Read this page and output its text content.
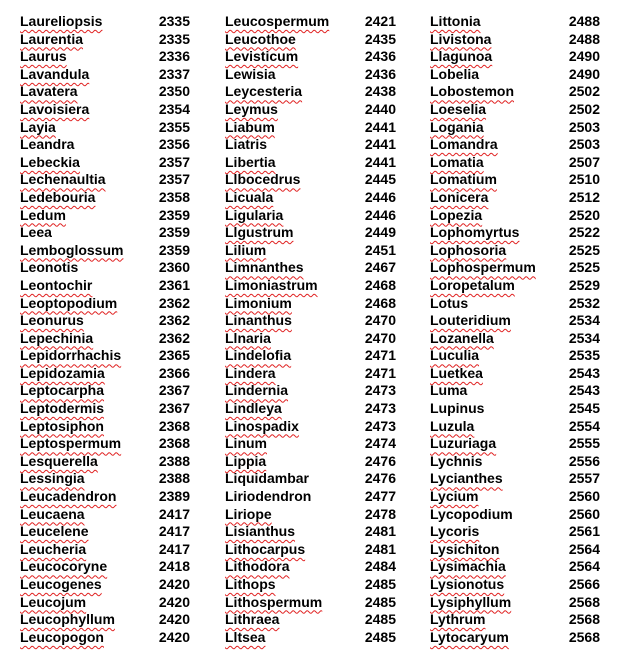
Laureliopsis	2335
Laurentia	2335
Laurus	2336
Lavandula	2337
Lavatera	2350
Lavoisiera	2354
Layia	2355
Leandra	2356
Lebeckia	2357
Lechenaultia	2357
Ledebouria	2358
Ledum	2359
Leea	2359
Lemboglossum	2359
Leonotis	2360
Leontochir	2361
Leoptopodium	2362
Leonurus	2362
Lepechinia	2362
Lepidorrhachis	2365
Lepidozamia	2366
Leptocarpha	2367
Leptodermis	2367
Leptosiphon	2368
Leptospermum	2368
Lesquerella	2388
Lessingia	2388
Leucadendron	2389
Leucaena	2417
Leucelene	2417
Leucheria	2417
Leucocoryne	2418
Leucogenes	2420
Leucojum	2420
Leucophyllum	2420
Leucopogon	2420
Leucospermum	2421
Leucothoe	2435
Levisticum	2436
Lewisia	2436
Leycesteria	2438
Leymus	2440
Liabum	2441
Liatris	2441
Libertia	2441
Llbocedrus	2445
Licuala	2446
Ligularia	2446
Llgustrum	2449
Lilium	2451
Limnanthes	2467
Limoniastrum	2468
Limonium	2468
Linanthus	2470
Llnaria	2470
Lindelofia	2471
Lindera	2471
Lindernia	2473
Lindleya	2473
Linospadix	2473
Linum	2474
Lippia	2476
Liquidambar	2476
Liriodendron	2477
Liriope	2478
Lisianthus	2481
Lithocarpus	2481
Lithodora	2484
Lithops	2485
Lithospermum	2485
Lithraea	2485
Lltsea	2485
Littonia	2488
Livistona	2488
Llagunoa	2490
Lobelia	2490
Lobostemon	2502
Loeselia	2502
Logania	2503
Lomandra	2503
Lomatia	2507
Lomatium	2510
Lonicera	2512
Lopezia	2520
Lophomyrtus	2522
Lophosoria	2525
Lophospermum 2525
Loropetalum	2529
Lotus	2532
Louteridium	2534
Lozanella	2534
Luculia	2535
Luetkea	2543
Luma	2543
Lupinus	2545
Luzula	2554
Luzuriaga	2555
Lychnis	2556
Lycianthes	2557
Lycium	2560
Lycopodium	2560
Lycoris	2561
Lysichiton	2564
Lysimachia	2564
Lysionotus	2566
Lysiphyllum	2568
Lythrum	2568
Lytocaryum	2568
